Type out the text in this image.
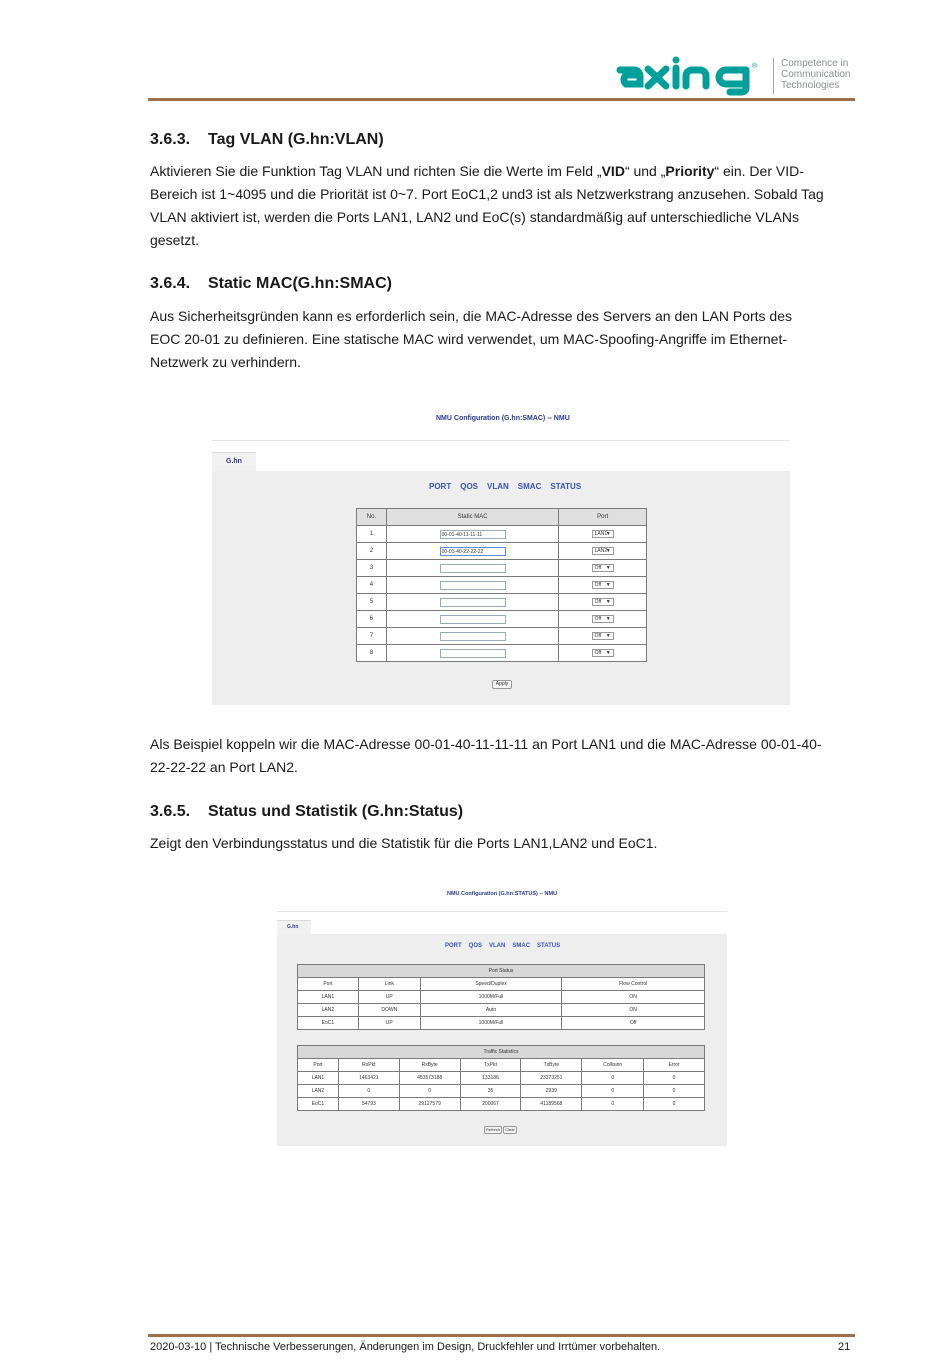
® Competence in
Communication
Technologies
3.6.3. Tag VLAN (G.hn:VLAN)
Aktivieren Sie die Funktion Tag VLAN und richten Sie die Werte im Feld „VID“ und „Priority“ ein. Der VID-
Bereich ist 1~4095 und die Priorität ist 0~7. Port EoC1,2 und3 ist als Netzwerkstrang anzusehen. Sobald Tag
VLAN aktiviert ist, werden die Ports LAN1, LAN2 und EoC(s) standardmäßig auf unterschiedliche VLANs
gesetzt.
3.6.4. Static MAC(G.hn:SMAC)
Aus Sicherheitsgründen kann es erforderlich sein, die MAC-Adresse des Servers an den LAN Ports des
EOC 20-01 zu definieren. Eine statische MAC wird verwendet, um MAC-Spoofing-Angriffe im Ethernet-
Netzwerk zu verhindern.
NMU Configuration (G.hn:SMAC) -- NMU
G.hn
PORT QOS VLAN SMAC STATUS
No.	Static MAC	Port
1	00-01-40-11-11-11	LAN1
▼

2	00-01-40-22-22-22	LAN2
▼

3		Off ▼

4		Off ▼

5		Off ▼

6		Off ▼

7		Off ▼

8		Off ▼
Apply
Als Beispiel koppeln wir die MAC-Adresse 00-01-40-11-11-11 an Port LAN1 und die MAC-Adresse 00-01-40-
22-22-22 an Port LAN2.
3.6.5. Status und Statistik (G.hn:Status)
Zeigt den Verbindungsstatus und die Statistik für die Ports LAN1,LAN2 und EoC1.
NMU Configuration (G.hn:STATUS) -- NMU
G.hn
PORT QOS VLAN SMAC STATUS
Port Status			
Port	Link	Speed/Duplex	Flow Control
LAN1	UP	1000M/Full	ON
LAN2	DOWN	Auto	ON
EoC1	UP	1000M/Full	Off
Traffic Statistics						
Port	RxPkt	RxByte	TxPkt	TxByte	Collision	Error
LAN1	1463421	453573188	133186	23373251	0	0
LAN2	0	0	35	2939	0	0
EoC1	54793	29127579	200067	41189568	0	0
Refresh	Clear
2020-03-10 | Technische Verbesserungen, Änderungen im Design, Druckfehler und Irrtümer vorbehalten.	21
